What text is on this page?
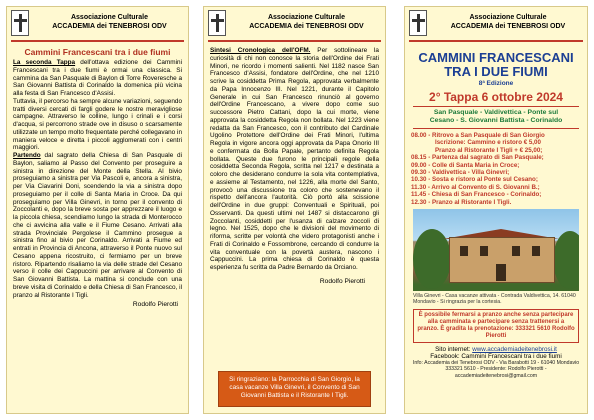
Associazione Culturale
ACCADEMIA dei TENEBROSI ODV
Cammini Francescani tra i due fiumi

La seconda Tappa dell'ottava edizione dei Cammini Francescani tra i due fiumi è ormai una classica. Si cammina da San Pasquale di Baylon di Torre Roveresche a San Giovanni Battista di Corinaldo la domenica più vicina alla festa di San Francesco d'Assisi.

Tuttavia, il percorso ha sempre alcune variazioni, seguendo tratti diversi cercati di fargli godere le nostre meravigliose campagne. Attraverso le colline, lungo i crinali e i corsi d'acqua, si percorrono strade ove in disuso o scarsamente utilizzate un tempo molto frequentate perché collegavano in maniera veloce e diretta i piccoli agglomerati con i centri maggiori.

Partendo dal sagrato della Chiesa di San Pasquale di Baylon, saliamo al Passo del Convento per proseguire a sinistra in direzione del Monte della Stella. Al bivio proseguiamo a sinistra per Via Pascoli e, ancora a sinistra, per Via Ciavarini Doni, scendendo la via a sinistra dopo proseguiamo per il colle di Santa Maria in Croce. Da qui proseguiamo per Villa Ginevri, in torno per il convento di Zoccolanti e, dopo la breve sosta per apprezzare il luogo e la piccola chiesa, scendiamo lungo la strada di Monterocco che ci avvicina alla valle e il Fiume Cesano. Arrivati alla strada Provinciale Pergolese il Cammino prosegue a sinistra fino al bivio per Corinaldo. Arrivati a Fiume ed entrati in Provincia di Ancona, attraverso il Ponte nuovo sul Cesano appena ricostruito, ci fermiamo per un breve ristoro. Ripartendo risaliamo la via delle strade del Cesano verso il colle dei Cappuccini per arrivare al Convento di San Giovanni Battista. La mattina si conclude con una breve visita di Corinaldo e della Chiesa di San Francesco, il pranzo al Ristorante I Tigli.

Rodolfo Pierotti
Associazione Culturale
ACCADEMIA dei TENEBROSI ODV

Sintesi Cronologica dell'OFM. Per sottolineare la curiosità di chi non conosce la storia dell'Ordine dei Frati Minori, ne ricordo i momenti salienti. Nel 1182 nasce San Francesco d'Assisi, fondatore dell'Ordine, che nel 1210 scrive la cosiddetta Prima Regola, approvata verbalmente da Papa Innocenzo III. Nel 1221, durante il Capitolo Generale in cui San Francesco rinunciò al governo dell'Ordine Francescano, a vivere dopo come suo successore Pietro Cattani, dopo la cui morte, viene approvata la cosiddetta Regola non bollata. Nel 1223 viene redatta da San Francesco, con il contributo del Cardinale Ugolino Protettore dell'Ordine dei Frati Minori, l'ultima Regola in vigore ancora oggi approvata da Papa Onorio III e confermata da Bolla Papale, pertanto definita Regola bollata. Queste due furono le principali regole della cosiddetta Seconda Regola, scritta nel 1217 e destinata a coloro che desiderano condurre la sola vita contemplativa, e assieme al Testamento, nel 1226, alla morte del Santo, provocò una discussione tra coloro che sostenevano il rispetto dell'ancora l'autorità. Ciò portò alla scissione dell'Ordine in due gruppi: Conventuali e Spirituali, poi Osservanti. Da questi ultimi nel 1487 si distaccarono gli Zoccolanti, cosiddetti per l'usanza di calzare zoccoli di legno. Nel 1525, dopo che le divisioni del movimento di riforma, scritte per volontà che videro protagonisti anche i Frati di Corinaldo e Fossombrone, cercando di condurre la vita conventuale con la povertà austera, nascono i Cappuccini. La prima chiesa di Corinaldo è questa esperienza fu scritta da Padre Bernardo da Orciano.

Rodolfo Pierotti
Si ringraziano: la Parrocchia di San Giorgio, la casa vacanze Villa Ginevri, il Convento di San Giovanni Battista e il Ristorante I Tigli.
Associazione Culturale
ACCADEMIA dei TENEBROSI ODV
CAMMINI FRANCESCANI
TRA I DUE FIUMI
8ª Edizione
2° Tappa 6 ottobre 2024
San Pasquale - Valdivettica - Ponte sul
Cesano - S. Giovanni Battista - Corinaldo
08.00 - Ritrovo a San Pasquale di San Giorgio
Iscrizione: Cammino e ristoro € 5,00
Pranzo al Ristorante I Tigli + € 25,00;
08.15 - Partenza dal sagrato di San Pasquale;
09.00 - Colle di Santa Maria in Croce;
09.30 - Valdivettica - Villa Ginevri;
10.30 - Sosta e ristoro al Ponte sul Cesano;
11.30 - Arrivo al Convento di S. Giovanni B.;
11.45 - Chiesa di San Francesco - Corinaldo;
12.30 - Pranzo al Ristorante I Tigli.
Villa Ginevri - Casa vacanze attivata - Contrada Valdivettica, 14. 61040 Mondavio - Si ringrazia per la cortesia.
È possibile fermarsi a pranzo anche senza partecipare alla camminata e partecipare senza trattenersi a pranzo. È gradita la prenotazione: 333321 5610 Rodolfo Pierotti
Sito internet: www.accademiadeitenebrosi.it
Facebook: Cammini Francescani tra i due fiumi
Info: Accademia dei Tenebrosi ODV - Via Barabotti 19 - 61040 Mondavio
333321 5610 - Presidente: Rodolfo Pierotti - accademiadeitenebrosi@gmail.com
